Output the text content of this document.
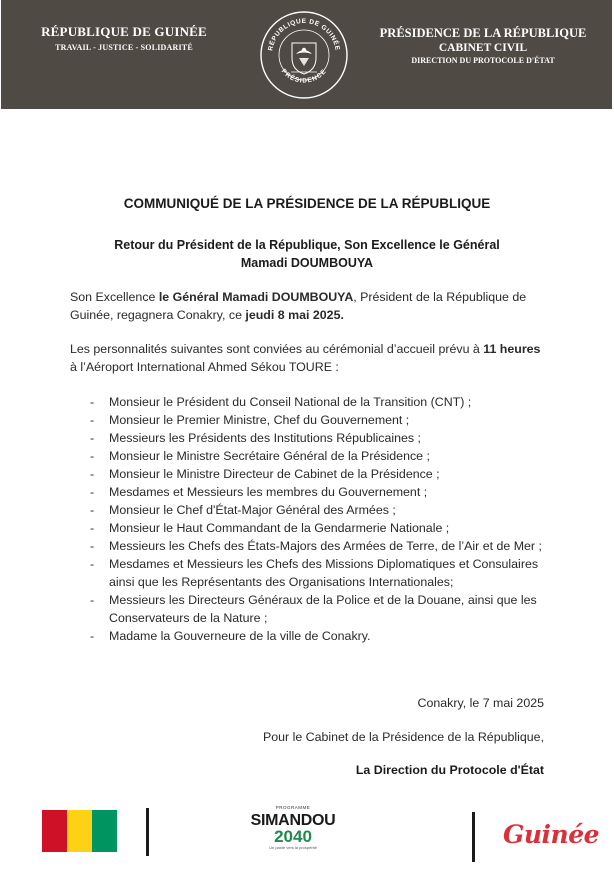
RÉPUBLIQUE DE GUINÉE
TRAVAIL - JUSTICE - SOLIDARITÉ	RÉPUBLIQUE DE GUINÉE
PRÉSIDENCE
PRÉSIDENCE DE LA RÉPUBLIQUE
CABINET CIVIL
DIRECTION DU PROTOCOLE D'ÉTAT
COMMUNIQUÉ DE LA PRÉSIDENCE DE LA RÉPUBLIQUE
Retour du Président de la République, Son Excellence le Général
Mamadi DOUMBOUYA
Son Excellence le Général Mamadi DOUMBOUYA, Président de la République de Guinée, regagnera Conakry, ce jeudi 8 mai 2025.
Les personnalités suivantes sont conviées au cérémonial d’accueil prévu à 11 heures à l’Aéroport International Ahmed Sékou TOURE :
- Monsieur le Président du Conseil National de la Transition (CNT) ;
- Monsieur le Premier Ministre, Chef du Gouvernement ;
- Messieurs les Présidents des Institutions Républicaines ;
- Monsieur le Ministre Secrétaire Général de la Présidence ;
- Monsieur le Ministre Directeur de Cabinet de la Présidence ;
- Mesdames et Messieurs les membres du Gouvernement ;
- Monsieur le Chef d'État-Major Général des Armées ;
- Monsieur le Haut Commandant de la Gendarmerie Nationale ;
- Messieurs les Chefs des États-Majors des Armées de Terre, de l’Air et de Mer ;
- Mesdames et Messieurs les Chefs des Missions Diplomatiques et Consulaires ainsi que les Représentants des Organisations Internationales;
- Messieurs les Directeurs Généraux de la Police et de la Douane, ainsi que les Conservateurs de la Nature ;
- Madame la Gouverneure de la ville de Conakry.
Conakry, le 7 mai 2025
Pour le Cabinet de la Présidence de la République,
La Direction du Protocole d'État
PROGRAMME
SIMANDOU
2040
Un pacte vers la prospérité	Guinée
